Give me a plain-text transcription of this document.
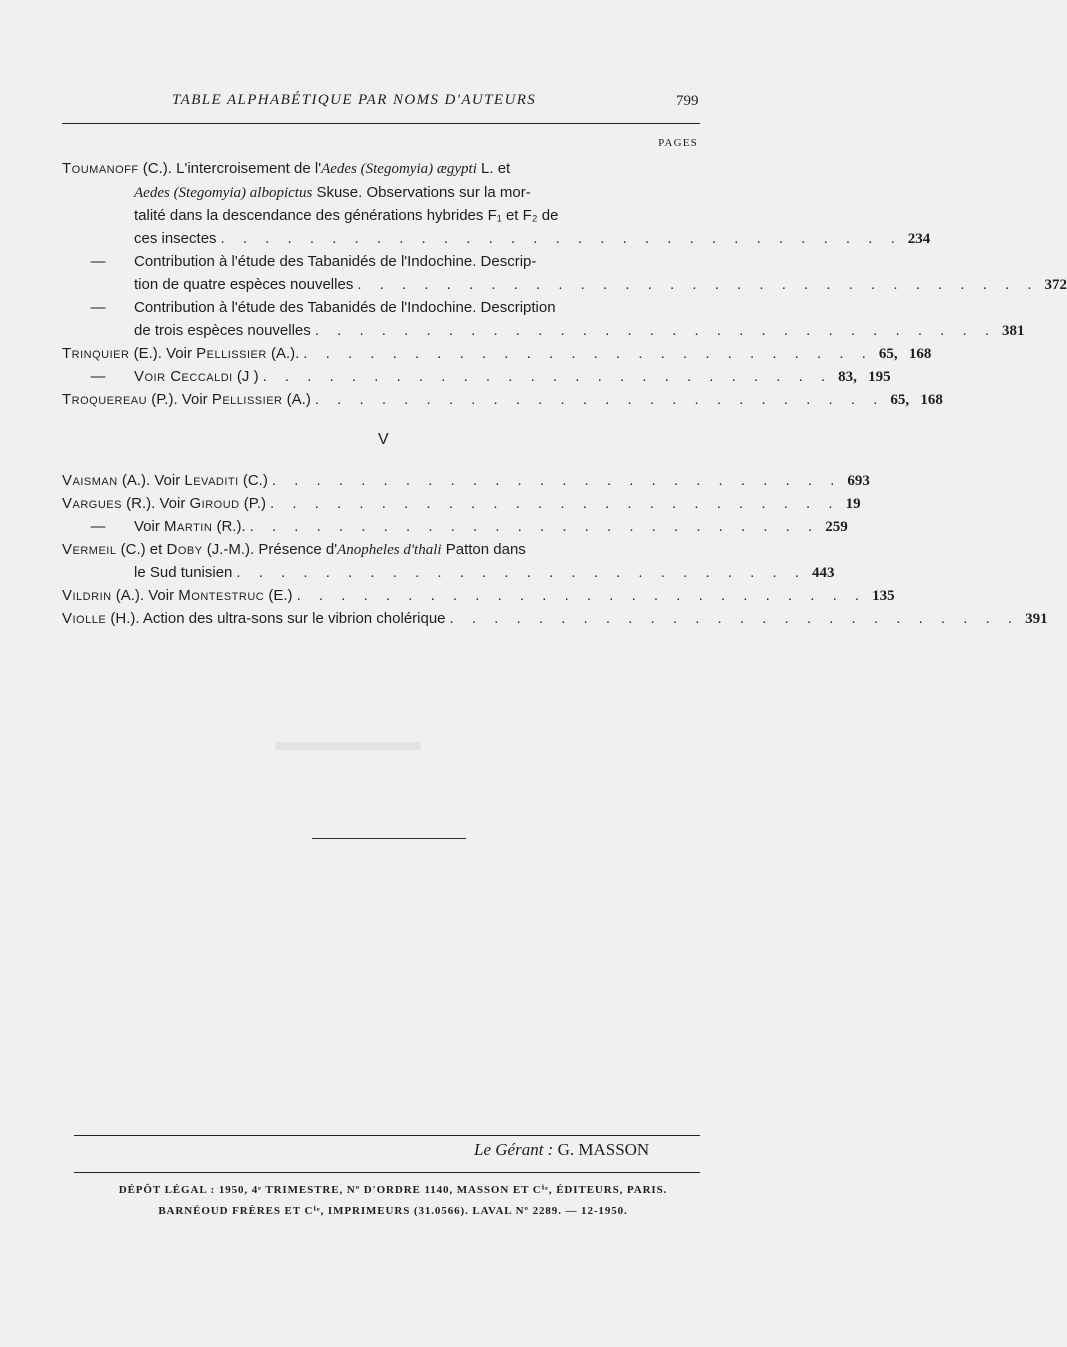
TABLE ALPHABÉTIQUE PAR NOMS D'AUTEURS	799
PAGES
Toumanoff (C.). L'intercroisement de l'Aedes (Stegomyia) ægypti L. et
Aedes (Stegomyia) albopictus Skuse. Observations sur la mor-
talité dans la descendance des générations hybrides F₁ et F₂ de
ces insectes . . . . . . . . . . . . . . . . . . . . . . . . . . . . . . . 234
— Contribution à l'étude des Tabanidés de l'Indochine. Descrip-
tion de quatre espèces nouvelles . . . . . . . . . . . . . . . . . . . . . . . . . . . . . . . 372
— Contribution à l'étude des Tabanidés de l'Indochine. Description
de trois espèces nouvelles . . . . . . . . . . . . . . . . . . . . . . . . . . . . . . . 381
Trinquier (E.). Voir Pellissier (A.). . . . . . . . . . . . . . . . . . . . . . . . . . . 65,   168
— Voir Ceccaldi (J ) . . . . . . . . . . . . . . . . . . . . . . . . . . 83,   195
Troquereau (P.). Voir Pellissier (A.) . . . . . . . . . . . . . . . . . . . . . . . . . . 65,   168
V
Vaisman (A.). Voir Levaditi (C.) . . . . . . . . . . . . . . . . . . . . . . . . . . 693
Vargues (R.). Voir Giroud (P.) . . . . . . . . . . . . . . . . . . . . . . . . . . 19
— Voir Martin (R.). . . . . . . . . . . . . . . . . . . . . . . . . . . 259
Vermeil (C.) et Doby (J.-M.). Présence d'Anopheles d'thali Patton dans
le Sud tunisien . . . . . . . . . . . . . . . . . . . . . . . . . . 443
Vildrin (A.). Voir Montestruc (E.) . . . . . . . . . . . . . . . . . . . . . . . . . . 135
Violle (H.). Action des ultra-sons sur le vibrion cholérique . . . . . . . . . . . . . . . . . . . . . . . . . . 391
Le Gérant : G. MASSON
DÉPÔT LÉGAL : 1950, 4ᵉ TRIMESTRE, Nº D'ORDRE 1140, MASSON ET Cⁱᵉ, ÉDITEURS, PARIS.
BARNÉOUD FRÈRES ET Cⁱᵉ, IMPRIMEURS (31.0566). LAVAL Nº 2289. — 12-1950.
